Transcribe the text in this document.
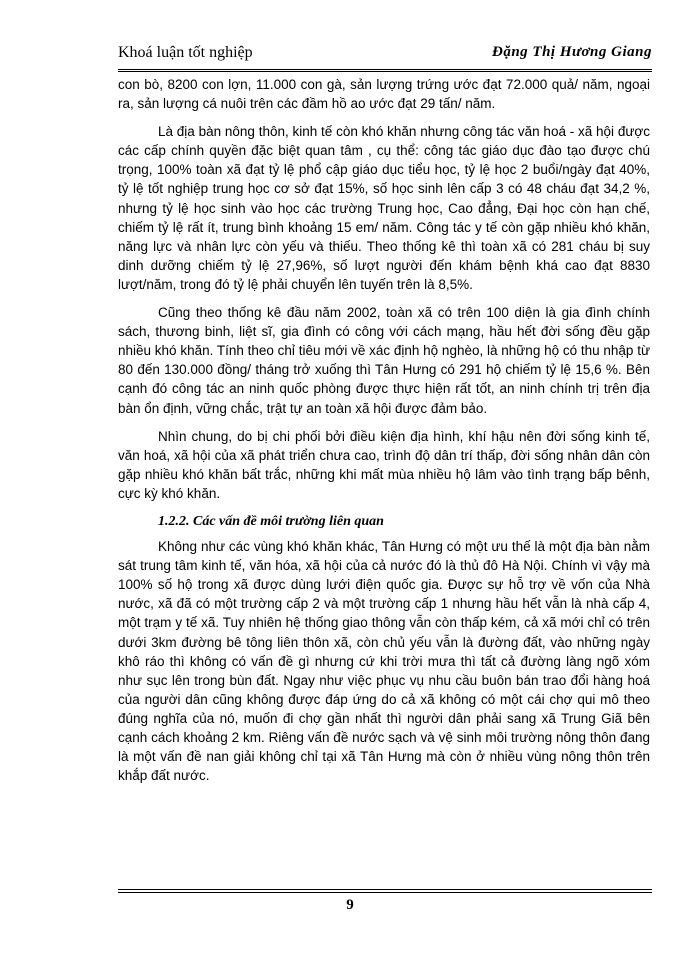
Khoá luận tốt nghiệp	Đặng Thị Hương Giang

con bò, 8200 con lợn, 11.000 con gà, sản lượng trứng ước đạt 72.000 quả/ năm, ngoại ra, sản lượng cá nuôi trên các đầm hồ ao ước đạt 29 tấn/ năm.

Là địa bàn nông thôn, kinh tế còn khó khăn nhưng công tác văn hoá - xã hội được các cấp chính quyền đặc biệt quan tâm , cụ thể: công tác giáo dục đào tạo được chú trọng, 100% toàn xã đạt tỷ lệ phổ cập giáo dục tiểu học, tỷ lệ học 2 buổi/ngày đạt 40%, tỷ lệ tốt nghiệp trung học cơ sở đạt 15%, số học sinh lên cấp 3 có 48 cháu đạt 34,2 %, nhưng tỷ lệ học sinh vào học các trường Trung học, Cao đẳng, Đại học còn hạn chế, chiếm tỷ lệ rất ít, trung bình khoảng 15 em/ năm. Công tác y tế còn gặp nhiều khó khăn, năng lực và nhân lực còn yếu và thiếu. Theo thống kê thì toàn xã có 281 cháu bị suy dinh dưỡng chiếm tỷ lệ 27,96%, số lượt người đến khám bệnh khá cao đạt 8830 lượt/năm, trong đó tỷ lệ phải chuyển lên tuyến trên là 8,5%.

Cũng theo thống kê đầu năm 2002, toàn xã có trên 100 diện là gia đình chính sách, thương binh, liệt sĩ, gia đình có công với cách mạng, hầu hết đời sống đều gặp nhiều khó khăn. Tính theo chỉ tiêu mới về xác định hộ nghèo, là những hộ có thu nhập từ 80 đến 130.000 đồng/ tháng trở xuống thì Tân Hưng có 291 hộ chiếm tỷ lệ 15,6 %. Bên cạnh đó công tác an ninh quốc phòng được thực hiện rất tốt, an ninh chính trị trên địa bàn ổn định, vững chắc, trật tự an toàn xã hội được đảm bảo.

Nhìn chung, do bị chi phối bởi điều kiện địa hình, khí hậu nên đời sống kinh tế, văn hoá, xã hội của xã phát triển chưa cao, trình độ dân trí thấp, đời sống nhân dân còn gặp nhiều khó khăn bất trắc, những khi mất mùa nhiều hộ lâm vào tình trạng bấp bênh, cực kỳ khó khăn.

1.2.2. Các vấn đề môi trường liên quan

Không như các vùng khó khăn khác, Tân Hưng có một ưu thế là một địa bàn nằm sát trung tâm kinh tế, văn hóa, xã hội của cả nước đó là thủ đô Hà Nội. Chính vì vậy mà 100% số hộ trong xã được dùng lưới điện quốc gia. Được sự hỗ trợ về vốn của Nhà nước, xã đã có một trường cấp 2 và một trường cấp 1 nhưng hầu hết vẫn là nhà cấp 4, một trạm y tế xã. Tuy nhiên hệ thống giao thông vẫn còn thấp kém, cả xã mới chỉ có trên dưới 3km đường bê tông liên thôn xã, còn chủ yếu vẫn là đường đất, vào những ngày khô ráo thì không có vấn đề gì nhưng cứ khi trời mưa thì tất cả đường làng ngõ xóm như sục lên trong bùn đất. Ngay như việc phục vụ nhu cầu buôn bán trao đổi hàng hoá của người dân cũng không được đáp ứng do cả xã không có một cái chợ qui mô theo đúng nghĩa của nó, muốn đi chợ gần nhất thì người dân phải sang xã Trung Giã bên cạnh cách khoảng 2 km. Riêng vấn đề nước sạch và vệ sinh môi trường nông thôn đang là một vấn đề nan giải không chỉ tại xã Tân Hưng mà còn ở nhiều vùng nông thôn trên khắp đất nước.

9
